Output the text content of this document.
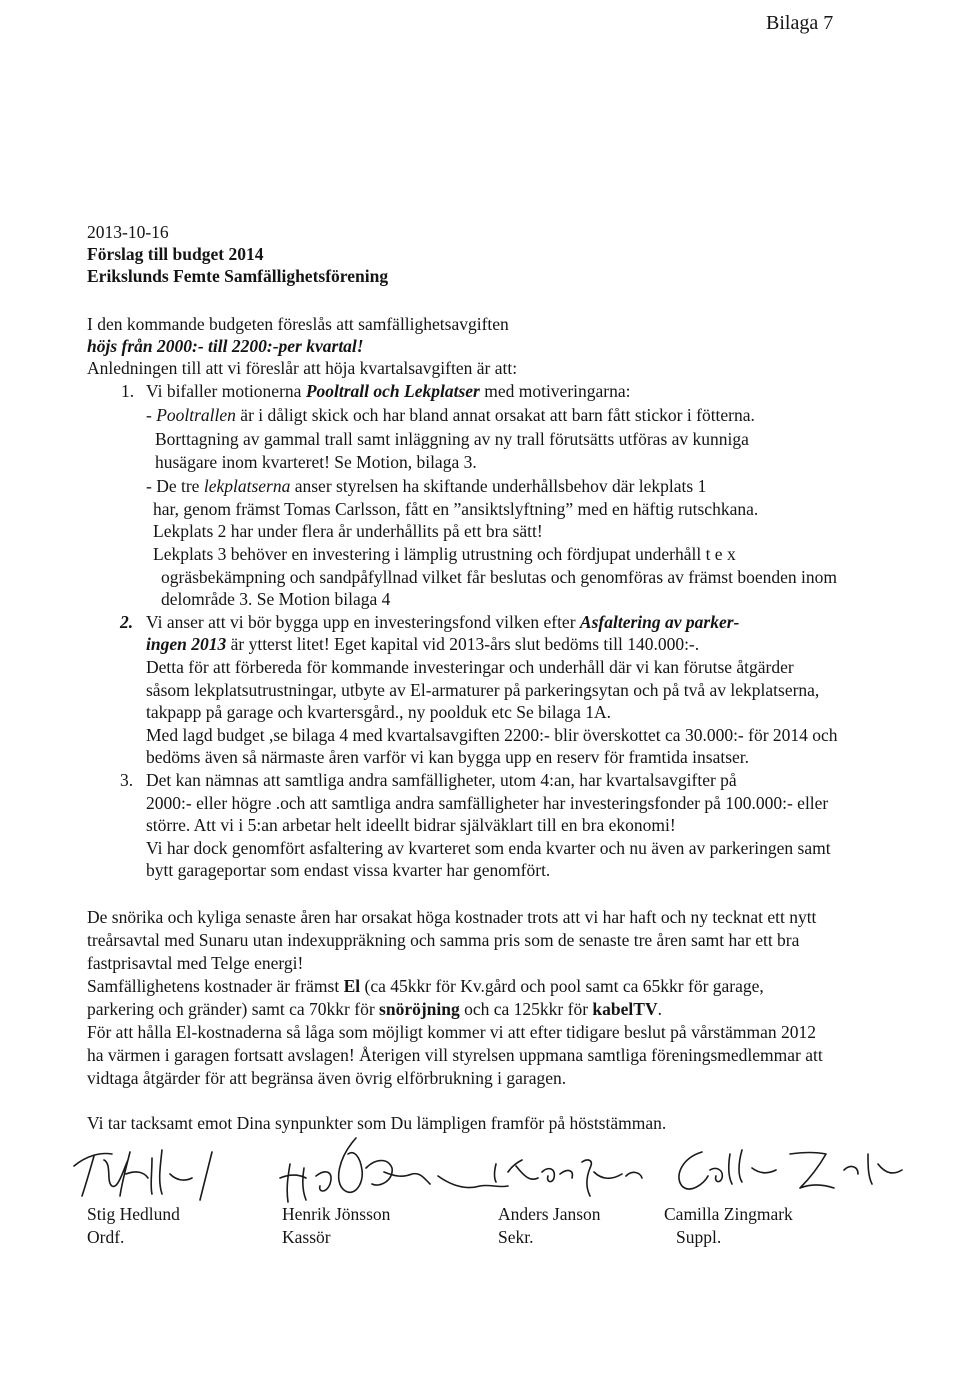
Bilaga 7
2013-10-16
Förslag till budget 2014
Erikslunds Femte Samfällighetsförening
I den kommande budgeten föreslås att samfällighetsavgiften
höjs från 2000:- till 2200:-per kvartal!
Anledningen till att vi föreslår att höja kvartalsavgiften är att:
1. Vi bifaller motionerna Pooltrall och Lekplatser med motiveringarna:
- Pooltrallen är i dåligt skick och har bland annat orsakat att barn fått stickor i fötterna.
Borttagning av gammal trall samt inläggning av ny trall förutsätts utföras av kunniga
husägare inom kvarteret! Se Motion, bilaga 3.
- De tre lekplatserna anser styrelsen ha skiftande underhållsbehov där lekplats 1
har, genom främst Tomas Carlsson, fått en ”ansiktslyftning” med en häftig rutschkana.
Lekplats 2 har under flera år underhållits på ett bra sätt!
Lekplats 3 behöver en investering i lämplig utrustning och fördjupat underhåll t e x
ogräsbekämpning och sandpåfyllnad vilket får beslutas och genomföras av främst boenden inom
delområde 3. Se Motion bilaga 4
2. Vi anser att vi bör bygga upp en investeringsfond vilken efter Asfaltering av parker-
ingen 2013 är ytterst litet! Eget kapital vid 2013-års slut bedöms till 140.000:-.
Detta för att förbereda för kommande investeringar och underhåll där vi kan förutse åtgärder
såsom lekplatsutrustningar, utbyte av El-armaturer på parkeringsytan och på två av lekplatserna,
takpapp på garage och kvartersgård., ny poolduk etc Se bilaga 1A.
Med lagd budget ,se bilaga 4 med kvartalsavgiften 2200:- blir överskottet ca 30.000:- för 2014 och
bedöms även så närmaste åren varför vi kan bygga upp en reserv för framtida insatser.
3. Det kan nämnas att samtliga andra samfälligheter, utom 4:an, har kvartalsavgifter på
2000:- eller högre .och att samtliga andra samfälligheter har investeringsfonder på 100.000:- eller
större. Att vi i 5:an arbetar helt ideellt bidrar själväklart till en bra ekonomi!
Vi har dock genomfört asfaltering av kvarteret som enda kvarter och nu även av parkeringen samt
bytt garageportar som endast vissa kvarter har genomfört.
De snörika och kyliga senaste åren har orsakat höga kostnader trots att vi har haft och ny tecknat ett nytt
treårsavtal med Sunaru utan indexuppräkning och samma pris som de senaste tre åren samt har ett bra
fastprisavtal med Telge energi!
Samfällighetens kostnader är främst El (ca 45kkr för Kv.gård och pool samt ca 65kkr för garage,
parkering och gränder) samt ca 70kkr för snöröjning och ca 125kkr för kabelTV.
För att hålla El-kostnaderna så låga som möjligt kommer vi att efter tidigare beslut på vårstämman 2012
ha värmen i garagen fortsatt avslagen! Återigen vill styrelsen uppmana samtliga föreningsmedlemmar att
vidtaga åtgärder för att begränsa även övrig elförbrukning i garagen.
Vi tar tacksamt emot Dina synpunkter som Du lämpligen framför på höststämman.
Stig Hedlund
Ordf.
Henrik Jönsson
Kassör
Anders Janson
Sekr.
Camilla Zingmark
Suppl.
